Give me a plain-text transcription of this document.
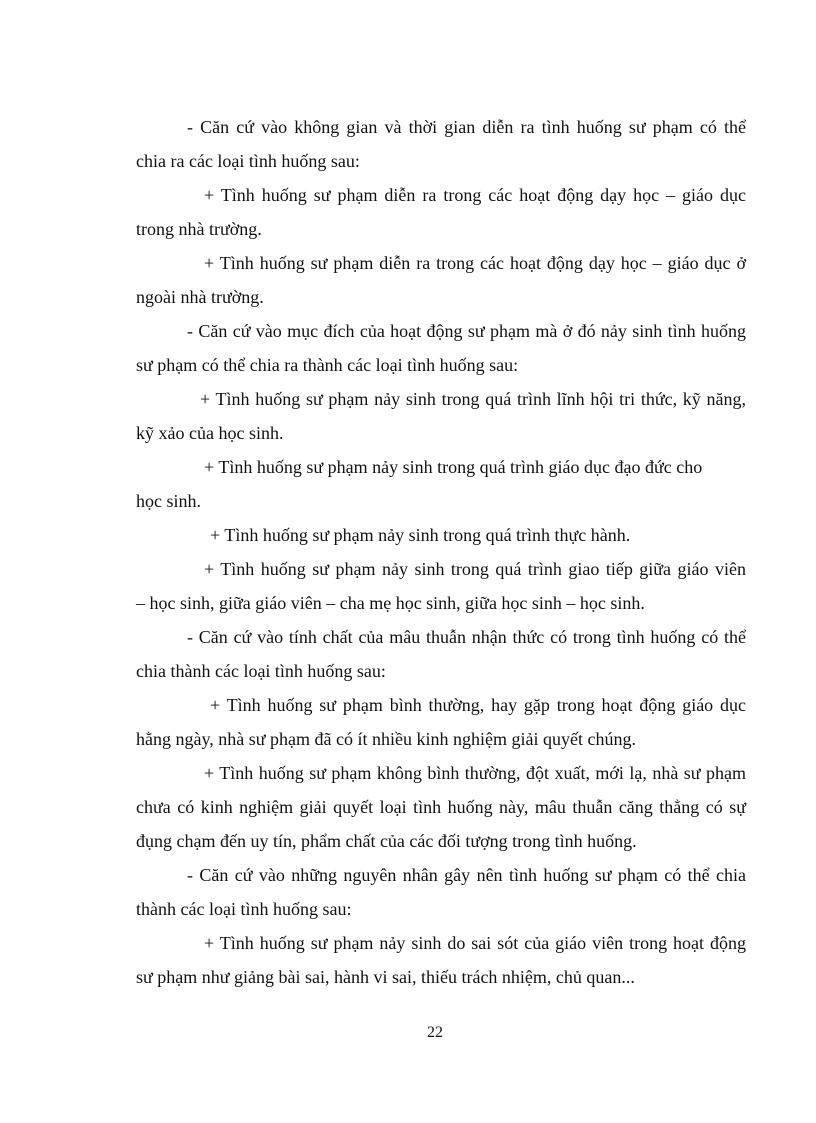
- Căn cứ vào không gian và thời gian diễn ra tình huống sư phạm có thể
chia ra các loại tình huống sau:
+ Tình huống sư phạm diễn ra trong các hoạt động dạy học – giáo dục
trong nhà trường.
+ Tình huống sư phạm diễn ra trong các hoạt động dạy học – giáo dục ở
ngoài nhà trường.
- Căn cứ vào mục đích của hoạt động sư phạm mà ở đó nảy sinh tình huống
sư phạm có thể chia ra thành các loại tình huống sau:
+ Tình huống sư phạm nảy sinh trong quá trình lĩnh hội tri thức, kỹ năng,
kỹ xảo của học sinh.
+ Tình huống sư phạm nảy sinh trong quá trình giáo dục đạo đức cho
học sinh.
+ Tình huống sư phạm nảy sinh trong quá trình thực hành.
+ Tình huống sư phạm nảy sinh trong quá trình giao tiếp giữa giáo viên
– học sinh, giữa giáo viên – cha mẹ học sinh, giữa học sinh – học sinh.
- Căn cứ vào tính chất của mâu thuẫn nhận thức có trong tình huống có thể
chia thành các loại tình huống sau:
+ Tình huống sư phạm bình thường, hay gặp trong hoạt động giáo dục
hằng ngày, nhà sư phạm đã có ít nhiều kinh nghiệm giải quyết chúng.
+ Tình huống sư phạm không bình thường, đột xuất, mới lạ, nhà sư phạm
chưa có kinh nghiệm giải quyết loại tình huống này, mâu thuẫn căng thẳng có sự
đụng chạm đến uy tín, phẩm chất của các đối tượng trong tình huống.
- Căn cứ vào những nguyên nhân gây nên tình huống sư phạm có thể chia
thành các loại tình huống sau:
+ Tình huống sư phạm nảy sinh do sai sót của giáo viên trong hoạt động
sư phạm như giảng bài sai, hành vi sai, thiếu trách nhiệm, chủ quan...
22
